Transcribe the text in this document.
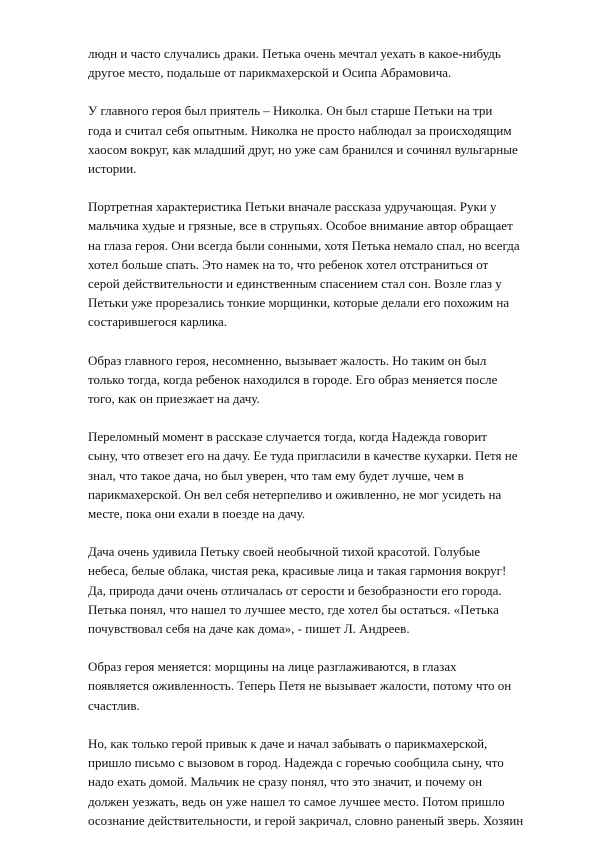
людн и часто случались драки. Петька очень мечтал уехать в какое-нибудь
другое место, подальше от парикмахерской и Осипа Абрамовича.

У главного героя был приятель – Николка. Он был старше Петьки на три
года и считал себя опытным. Николка не просто наблюдал за происходящим
хаосом вокруг, как младший друг, но уже сам бранился и сочинял вульгарные
истории.

Портретная характеристика Петьки вначале рассказа удручающая. Руки у
мальчика худые и грязные, все в струпьях. Особое внимание автор обращает
на глаза героя. Они всегда были сонными, хотя Петька немало спал, но всегда
хотел больше спать. Это намек на то, что ребенок хотел отстраниться от
серой действительности и единственным спасением стал сон. Возле глаз у
Петьки уже прорезались тонкие морщинки, которые делали его похожим на
состарившегося карлика.

Образ главного героя, несомненно, вызывает жалость. Но таким он был
только тогда, когда ребенок находился в городе. Его образ меняется после
того, как он приезжает на дачу.

Переломный момент в рассказе случается тогда, когда Надежда говорит
сыну, что отвезет его на дачу. Ее туда пригласили в качестве кухарки. Петя не
знал, что такое дача, но был уверен, что там ему будет лучше, чем в
парикмахерской. Он вел себя нетерпеливо и оживленно, не мог усидеть на
месте, пока они ехали в поезде на дачу.

Дача очень удивила Петьку своей необычной тихой красотой. Голубые
небеса, белые облака, чистая река, красивые лица и такая гармония вокруг!
Да, природа дачи очень отличалась от серости и безобразности его города.
Петька понял, что нашел то лучшее место, где хотел бы остаться. «Петька
почувствовал себя на даче как дома», - пишет Л. Андреев.

Образ героя меняется: морщины на лице разглаживаются, в глазах
появляется оживленность. Теперь Петя не вызывает жалости, потому что он
счастлив.

Но, как только герой привык к даче и начал забывать о парикмахерской,
пришло письмо с вызовом в город. Надежда с горечью сообщила сыну, что
надо ехать домой. Мальчик не сразу понял, что это значит, и почему он
должен уезжать, ведь он уже нашел то самое лучшее место. Потом пришло
осознание действительности, и герой закричал, словно раненый зверь. Хозяин
